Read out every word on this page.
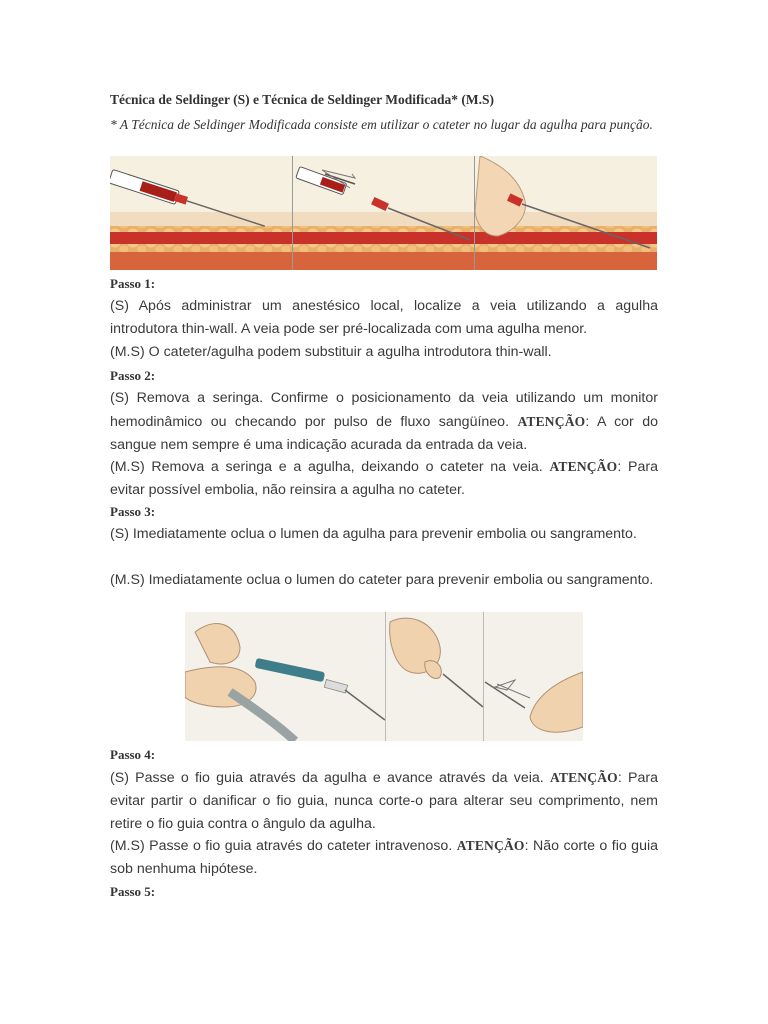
Técnica de Seldinger (S) e Técnica de Seldinger Modificada* (M.S)
* A Técnica de Seldinger Modificada consiste em utilizar o cateter no lugar da agulha para punção.
Passo 1:
(S) Após administrar um anestésico local, localize a veia utilizando a agulha introdutora thin-wall. A veia pode ser pré-localizada com uma agulha menor.
(M.S) O cateter/agulha podem substituir a agulha introdutora thin-wall.
Passo 2:
(S) Remova a seringa. Confirme o posicionamento da veia utilizando um monitor hemodinâmico ou checando por pulso de fluxo sangüíneo. ATENÇÃO: A cor do sangue nem sempre é uma indicação acurada da entrada da veia.
(M.S) Remova a seringa e a agulha, deixando o cateter na veia. ATENÇÃO: Para evitar possível embolia, não reinsira a agulha no cateter.
Passo 3:
(S) Imediatamente oclua o lumen da agulha para prevenir embolia ou sangramento.
(M.S) Imediatamente oclua o lumen do cateter para prevenir embolia ou sangramento.
Passo 4:
(S) Passe o fio guia através da agulha e avance através da veia. ATENÇÃO: Para evitar partir o danificar o fio guia, nunca corte-o para alterar seu comprimento, nem retire o fio guia contra o ângulo da agulha.
(M.S) Passe o fio guia através do cateter intravenoso. ATENÇÃO: Não corte o fio guia sob nenhuma hipótese.
Passo 5:
